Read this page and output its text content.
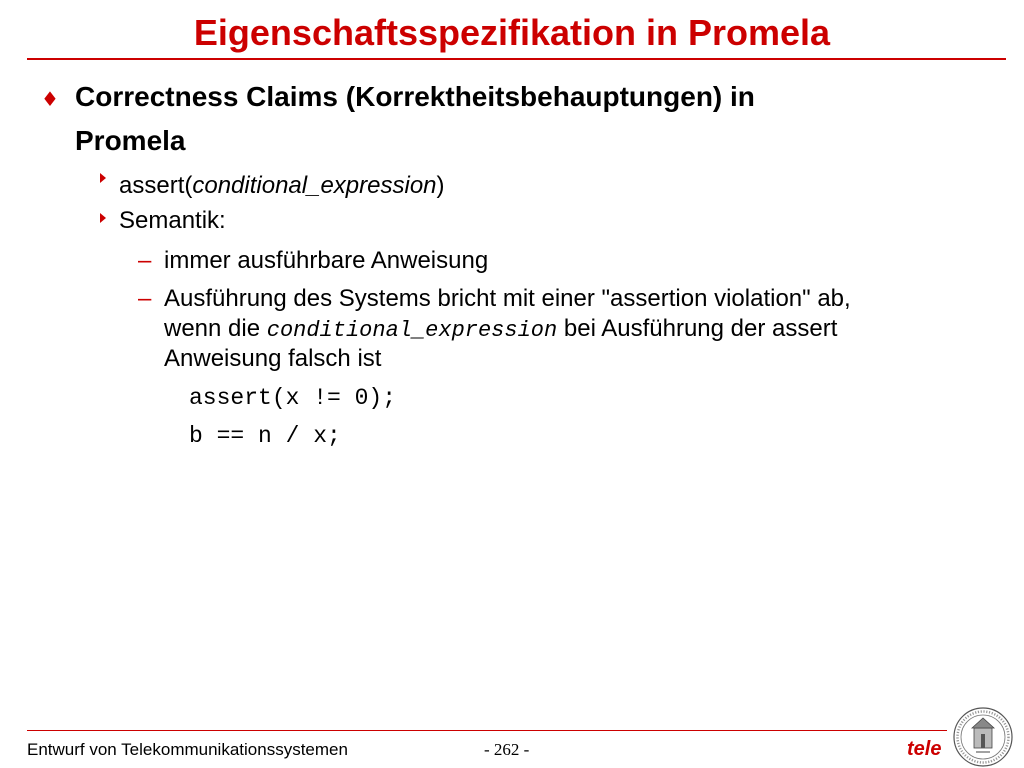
Eigenschaftsspezifikation in Promela
♦ Correctness Claims (Korrektheitsbehauptungen) in
Promela
assert(conditional_expression)
Semantik:
– immer ausführbare Anweisung
– Ausführung des Systems bricht mit einer "assertion violation" ab,
wenn die conditional_expression bei Ausführung der assert
Anweisung falsch ist
assert(x != 0);
b == n / x;
Entwurf von Telekommunikationssystemen	- 262 -	tele
